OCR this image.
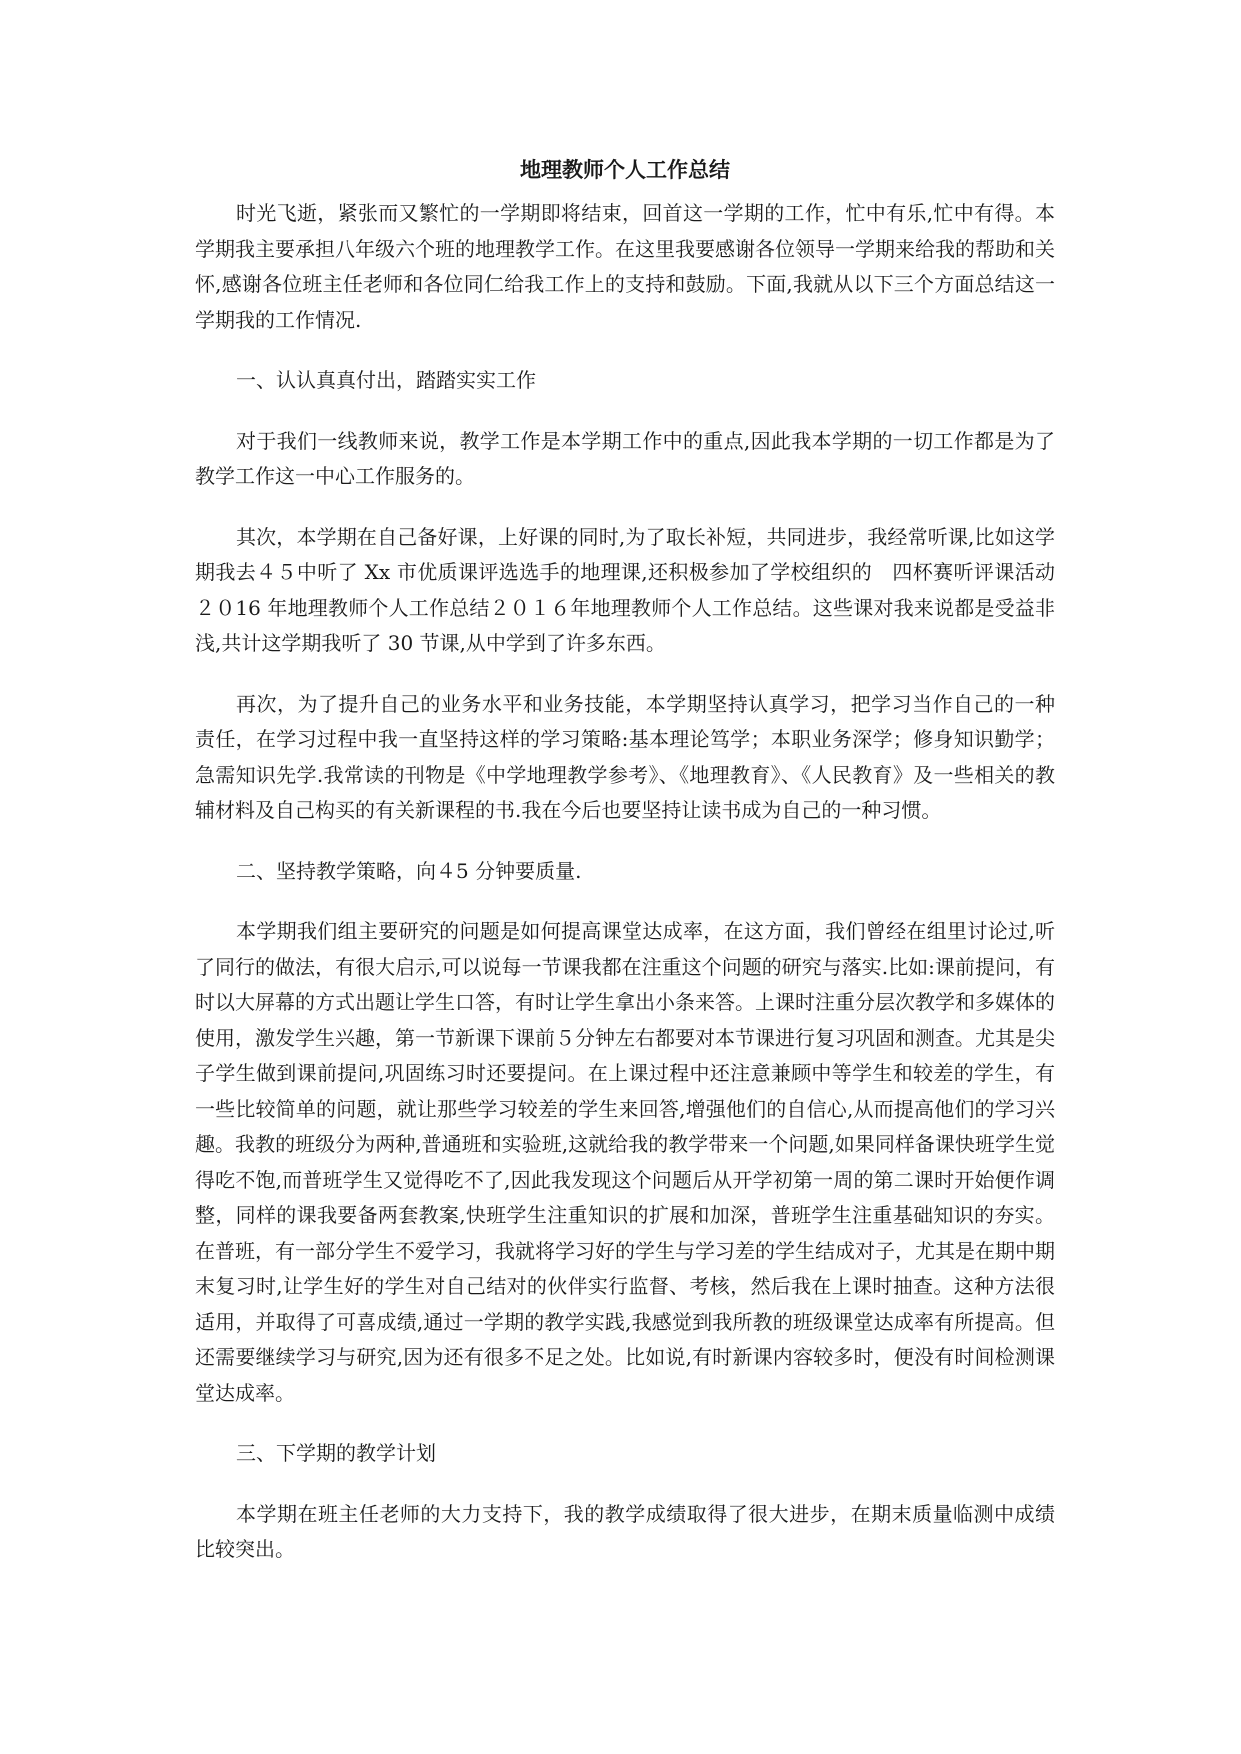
地理教师个人工作总结

时光飞逝，紧张而又繁忙的一学期即将结束，回首这一学期的工作，忙中有乐,忙中有得。本学期我主要承担八年级六个班的地理教学工作。在这里我要感谢各位领导一学期来给我的帮助和关怀,感谢各位班主任老师和各位同仁给我工作上的支持和鼓励。下面,我就从以下三个方面总结这一学期我的工作情况.

一、认认真真付出，踏踏实实工作

对于我们一线教师来说，教学工作是本学期工作中的重点,因此我本学期的一切工作都是为了教学工作这一中心工作服务的。

其次，本学期在自己备好课，上好课的同时,为了取长补短，共同进步，我经常听课,比如这学期我去４５中听了 Xx 市优质课评选选手的地理课,还积极参加了学校组织的　四杯赛听评课活动２０16 年地理教师个人工作总结２０１６年地理教师个人工作总结。这些课对我来说都是受益非浅,共计这学期我听了 30 节课,从中学到了许多东西。

再次，为了提升自己的业务水平和业务技能，本学期坚持认真学习，把学习当作自己的一种责任，在学习过程中我一直坚持这样的学习策略:基本理论笃学；本职业务深学；修身知识勤学；急需知识先学.我常读的刊物是《中学地理教学参考》、《地理教育》、《人民教育》及一些相关的教辅材料及自己构买的有关新课程的书.我在今后也要坚持让读书成为自己的一种习惯。

二、坚持教学策略，向４5 分钟要质量.

本学期我们组主要研究的问题是如何提高课堂达成率，在这方面，我们曾经在组里讨论过,听了同行的做法，有很大启示,可以说每一节课我都在注重这个问题的研究与落实.比如:课前提问，有时以大屏幕的方式出题让学生口答，有时让学生拿出小条来答。上课时注重分层次教学和多媒体的使用，激发学生兴趣，第一节新课下课前５分钟左右都要对本节课进行复习巩固和测查。尤其是尖子学生做到课前提问,巩固练习时还要提问。在上课过程中还注意兼顾中等学生和较差的学生，有一些比较简单的问题，就让那些学习较差的学生来回答,增强他们的自信心,从而提高他们的学习兴趣。我教的班级分为两种,普通班和实验班,这就给我的教学带来一个问题,如果同样备课快班学生觉得吃不饱,而普班学生又觉得吃不了,因此我发现这个问题后从开学初第一周的第二课时开始便作调整，同样的课我要备两套教案,快班学生注重知识的扩展和加深，普班学生注重基础知识的夯实。在普班，有一部分学生不爱学习，我就将学习好的学生与学习差的学生结成对子，尤其是在期中期末复习时,让学生好的学生对自己结对的伙伴实行监督、考核，然后我在上课时抽查。这种方法很适用，并取得了可喜成绩,通过一学期的教学实践,我感觉到我所教的班级课堂达成率有所提高。但还需要继续学习与研究,因为还有很多不足之处。比如说,有时新课内容较多时，便没有时间检测课堂达成率。

三、下学期的教学计划

本学期在班主任老师的大力支持下，我的教学成绩取得了很大进步，在期末质量临测中成绩比较突出。
